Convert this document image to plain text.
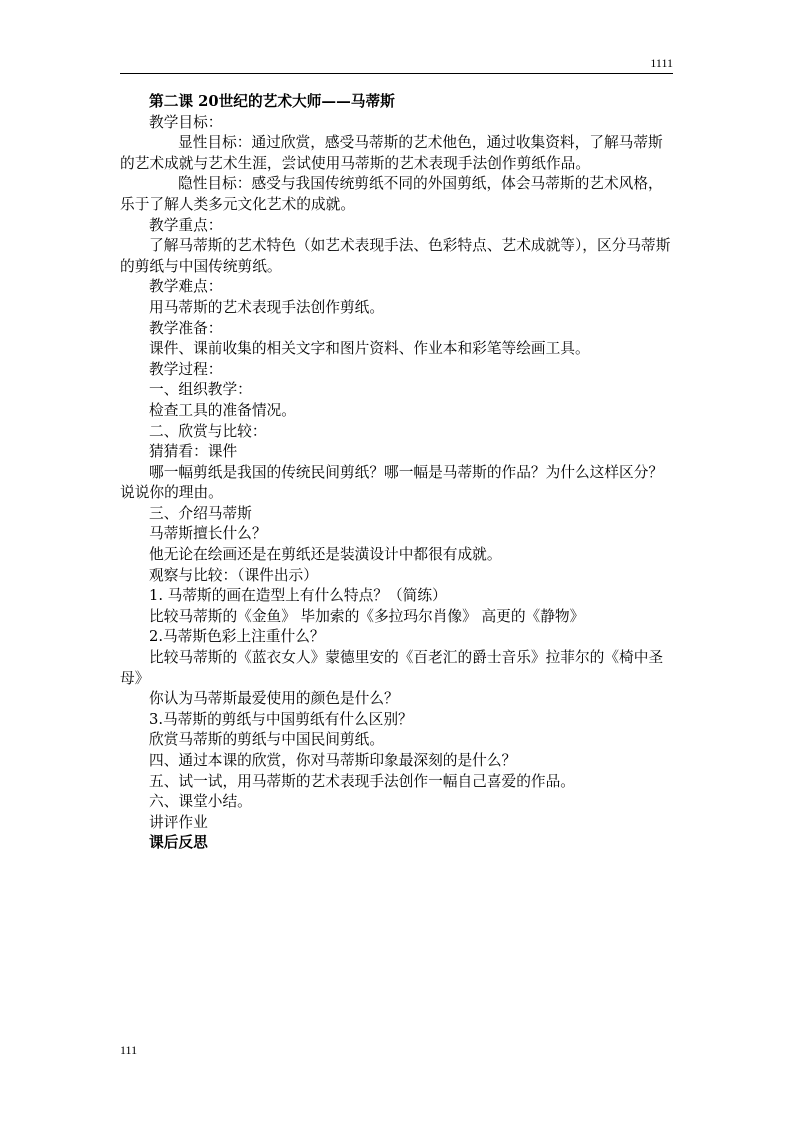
1111

第二课 20世纪的艺术大师——马蒂斯

教学目标：

显性目标：通过欣赏，感受马蒂斯的艺术他色，通过收集资料，了解马蒂斯的艺术成就与艺术生涯，尝试使用马蒂斯的艺术表现手法创作剪纸作品。

隐性目标：感受与我国传统剪纸不同的外国剪纸，体会马蒂斯的艺术风格，乐于了解人类多元文化艺术的成就。

教学重点：

了解马蒂斯的艺术特色（如艺术表现手法、色彩特点、艺术成就等），区分马蒂斯的剪纸与中国传统剪纸。

教学难点：

用马蒂斯的艺术表现手法创作剪纸。

教学准备：

课件、课前收集的相关文字和图片资料、作业本和彩笔等绘画工具。

教学过程：

一、组织教学：

检查工具的准备情况。

二、欣赏与比较：

猜猜看：课件

哪一幅剪纸是我国的传统民间剪纸？哪一幅是马蒂斯的作品？为什么这样区分？说说你的理由。

三、介绍马蒂斯

马蒂斯擅长什么？

他无论在绘画还是在剪纸还是装潢设计中都很有成就。

观察与比较：（课件出示）

1. 马蒂斯的画在造型上有什么特点？（简练）

比较马蒂斯的《金鱼》 毕加索的《多拉玛尔肖像》 高更的《静物》

2.马蒂斯色彩上注重什么？

比较马蒂斯的《蓝衣女人》蒙德里安的《百老汇的爵士音乐》拉菲尔的《椅中圣母》

你认为马蒂斯最爱使用的颜色是什么？

3.马蒂斯的剪纸与中国剪纸有什么区别？

欣赏马蒂斯的剪纸与中国民间剪纸。

四、通过本课的欣赏，你对马蒂斯印象最深刻的是什么？

五、试一试，用马蒂斯的艺术表现手法创作一幅自己喜爱的作品。

六、课堂小结。

讲评作业

课后反思

111
